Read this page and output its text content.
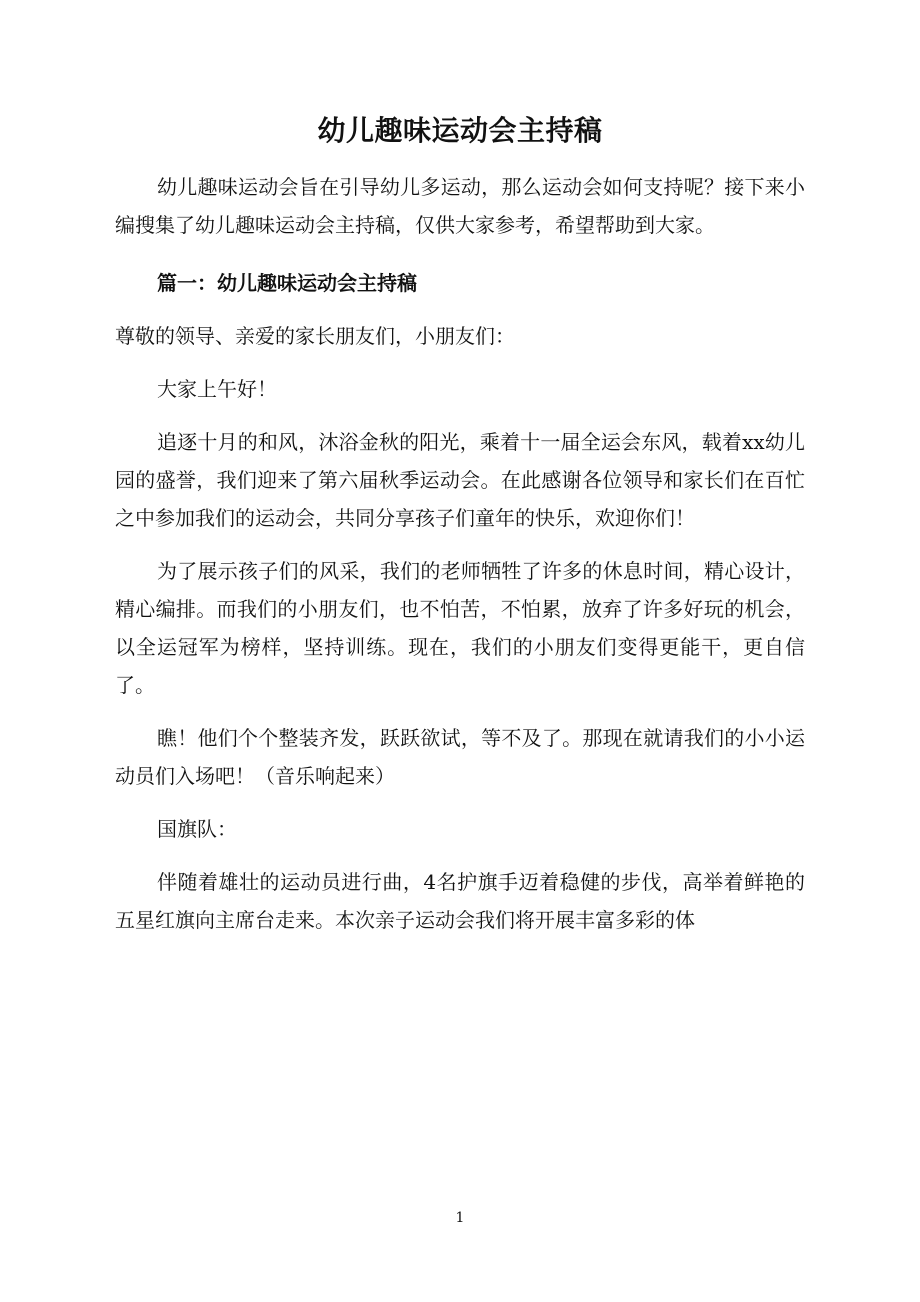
幼儿趣味运动会主持稿

幼儿趣味运动会旨在引导幼儿多运动，那么运动会如何支持呢？接下来小编搜集了幼儿趣味运动会主持稿，仅供大家参考，希望帮助到大家。

篇一：幼儿趣味运动会主持稿

尊敬的领导、亲爱的家长朋友们，小朋友们：

大家上午好！

追逐十月的和风，沐浴金秋的阳光，乘着十一届全运会东风，载着xx幼儿园的盛誉，我们迎来了第六届秋季运动会。在此感谢各位领导和家长们在百忙之中参加我们的运动会，共同分享孩子们童年的快乐，欢迎你们！

为了展示孩子们的风采，我们的老师牺牲了许多的休息时间，精心设计，精心编排。而我们的小朋友们，也不怕苦，不怕累，放弃了许多好玩的机会，以全运冠军为榜样，坚持训练。现在，我们的小朋友们变得更能干，更自信了。

瞧！他们个个整装齐发，跃跃欲试，等不及了。那现在就请我们的小小运动员们入场吧！（音乐响起来）

国旗队：

伴随着雄壮的运动员进行曲，4名护旗手迈着稳健的步伐，高举着鲜艳的五星红旗向主席台走来。本次亲子运动会我们将开展丰富多彩的体

1
